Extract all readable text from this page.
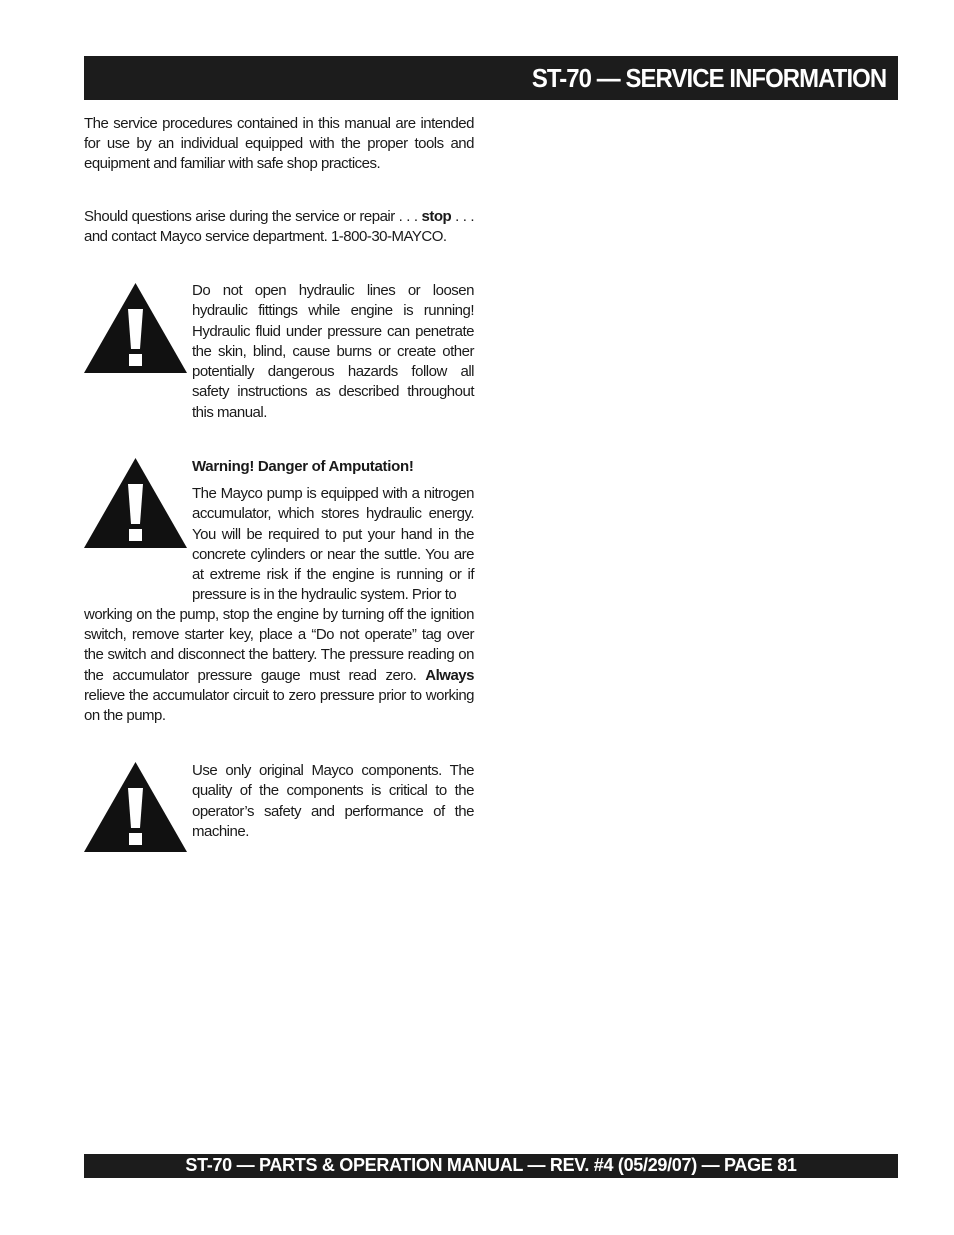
ST-70 — SERVICE INFORMATION
The service procedures contained in this manual are intended for use by an individual equipped with the proper tools and equipment and familiar with safe shop practices.
Should questions arise during the service or repair . . . stop . . . and contact Mayco service department. 1-800-30-MAYCO.
Do not open hydraulic lines or loosen hydraulic fittings while engine is running! Hydraulic fluid under pressure can penetrate the skin, blind, cause burns or create other potentially dangerous hazards follow all safety instructions as described throughout this manual.
Warning! Danger of Amputation!
The Mayco pump is equipped with a nitrogen accumulator, which stores hydraulic energy. You will be required to put your hand in the concrete cylinders or near the suttle. You are at extreme risk if the engine is running or if pressure is in the hydraulic system. Prior to
working on the pump, stop the engine by turning off the ignition switch, remove starter key, place a “Do not operate” tag over the switch and disconnect the battery. The pressure reading on the accumulator pressure gauge must read zero. Always relieve the accumulator circuit to zero pressure prior to working on the pump.
Use only original Mayco components. The quality of the components is critical to the operator’s safety and performance of the machine.
ST-70 — PARTS & OPERATION MANUAL — REV. #4 (05/29/07) — PAGE 81
